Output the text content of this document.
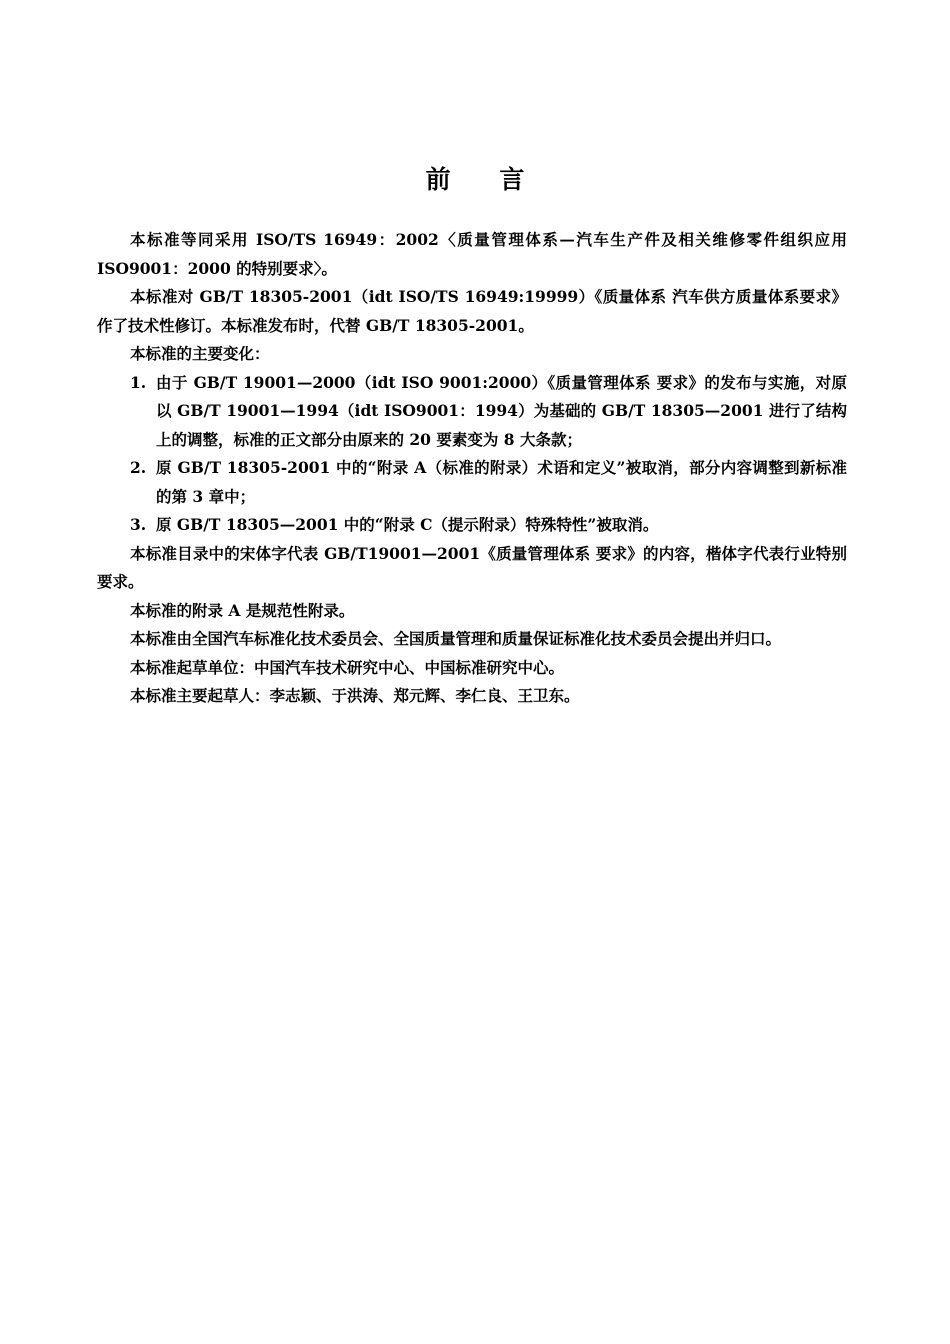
前 言

本标准等同采用 ISO/TS 16949：2002〈质量管理体系—汽车生产件及相关维修零件组织应用 ISO9001：2000 的特别要求〉。

本标准对 GB/T 18305-2001（idt ISO/TS 16949:19999）《质量体系 汽车供方质量体系要求》作了技术性修订。本标准发布时，代替 GB/T 18305-2001。

本标准的主要变化：

1. 由于 GB/T 19001—2000（idt ISO 9001:2000）《质量管理体系 要求》的发布与实施，对原以 GB/T 19001—1994（idt ISO9001：1994）为基础的 GB/T 18305—2001 进行了结构上的调整，标准的正文部分由原来的 20 要素变为 8 大条款；
2. 原 GB/T 18305-2001 中的“附录 A（标准的附录）术语和定义”被取消，部分内容调整到新标准的第 3 章中；
3. 原 GB/T 18305—2001 中的“附录 C（提示附录）特殊特性”被取消。

本标准目录中的宋体字代表 GB/T19001—2001《质量管理体系 要求》的内容，楷体字代表行业特别要求。

本标准的附录 A 是规范性附录。

本标准由全国汽车标准化技术委员会、全国质量管理和质量保证标准化技术委员会提出并归口。

本标准起草单位：中国汽车技术研究中心、中国标准研究中心。

本标准主要起草人：李志颖、于洪涛、郑元辉、李仁良、王卫东。
